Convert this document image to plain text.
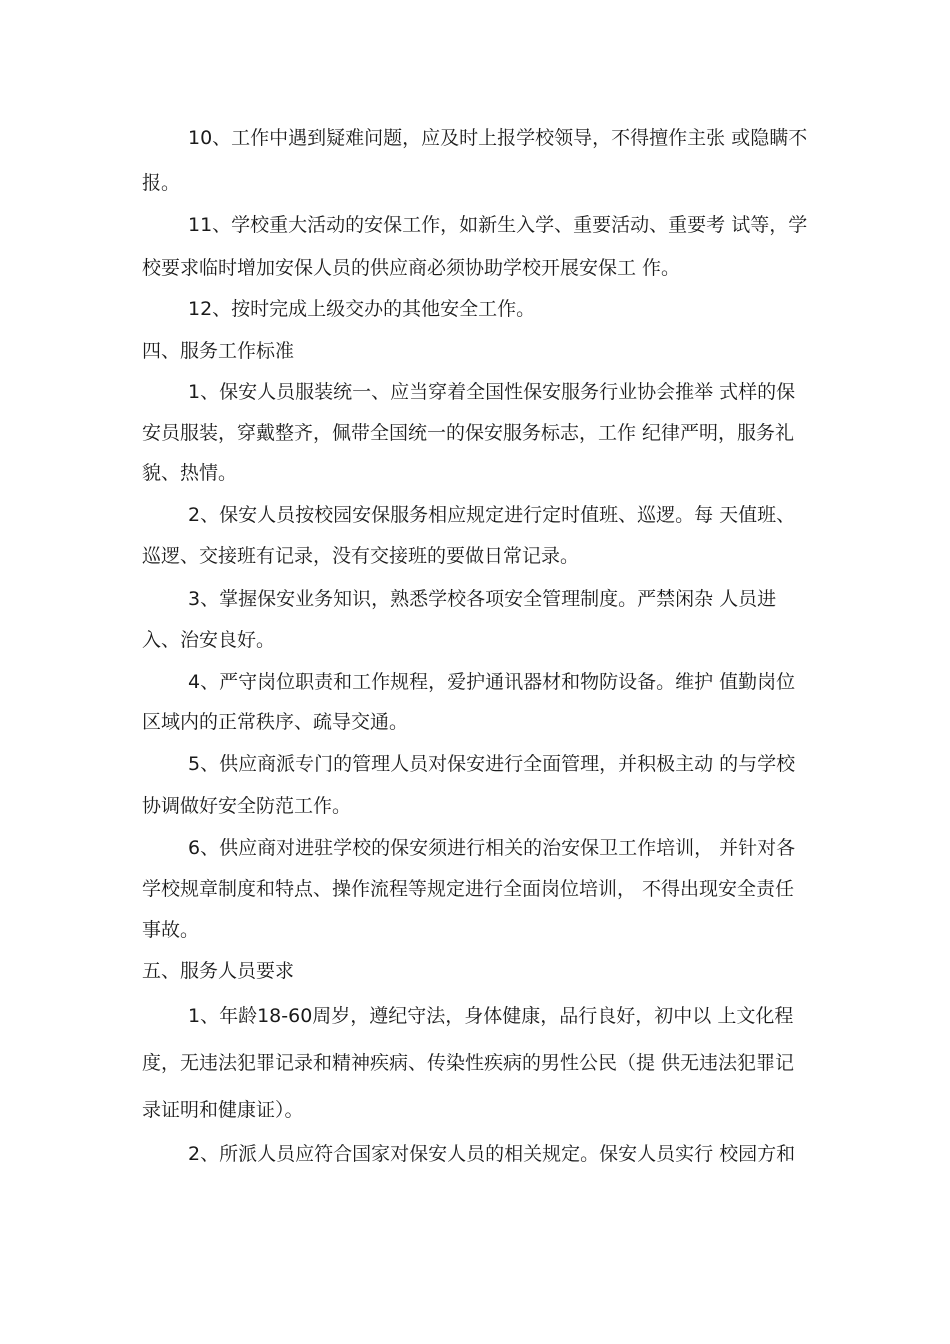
10、工作中遇到疑难问题，应及时上报学校领导，不得擅作主张 或隐瞒不

报。

11、学校重大活动的安保工作，如新生入学、重要活动、重要考 试等，学

校要求临时增加安保人员的供应商必须协助学校开展安保工 作。

12、按时完成上级交办的其他安全工作。

四、服务工作标准

1、保安人员服装统一、应当穿着全国性保安服务行业协会推举 式样的保

安员服装，穿戴整齐，佩带全国统一的保安服务标志，工作 纪律严明，服务礼

貌、热情。

2、保安人员按校园安保服务相应规定进行定时值班、巡逻。每 天值班、

巡逻、交接班有记录，没有交接班的要做日常记录。

3、掌握保安业务知识，熟悉学校各项安全管理制度。严禁闲杂 人员进

入、治安良好。

4、严守岗位职责和工作规程，爱护通讯器材和物防设备。维护 值勤岗位

区域内的正常秩序、疏导交通。

5、供应商派专门的管理人员对保安进行全面管理，并积极主动 的与学校

协调做好安全防范工作。

6、供应商对进驻学校的保安须进行相关的治安保卫工作培训， 并针对各

学校规章制度和特点、操作流程等规定进行全面岗位培训， 不得出现安全责任

事故。

五、服务人员要求

1、年龄18-60周岁，遵纪守法，身体健康，品行良好，初中以 上文化程

度，无违法犯罪记录和精神疾病、传染性疾病的男性公民（提 供无违法犯罪记

录证明和健康证）。

2、所派人员应符合国家对保安人员的相关规定。保安人员实行 校园方和
